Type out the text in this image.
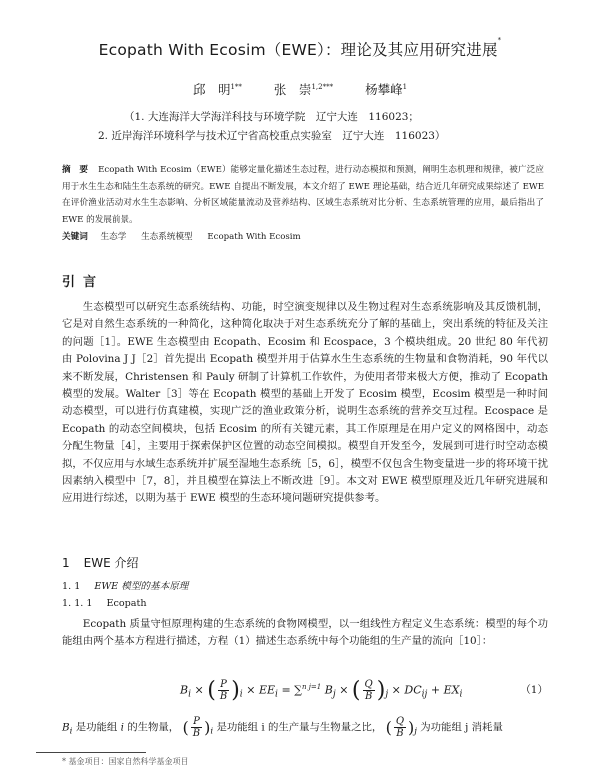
Ecopath With Ecosim（EWE）：理论及其应用研究进展*
邱　明$^{1**}$	张　崇$^{1,2***}$	杨攀峰$^1$
（1. 大连海洋大学海洋科技与环境学院　辽宁大连　116023；
2. 近岸海洋环境科学与技术辽宁省高校重点实验室　辽宁大连　116023）
摘　要 Ecopath With Ecosim（EWE）能够定量化描述生态过程，进行动态模拟和预测，阐明生态机理和规律，被广泛应用于水生生态和陆生生态系统的研究。EWE 自提出不断发展，本文介绍了 EWE 理论基础，结合近几年研究成果综述了 EWE 在评价渔业活动对水生生态影响、分析区域能量流动及营养结构、区域生态系统对比分析、生态系统管理的应用，最后指出了 EWE 的发展前景。
关键词 生态学 生态系统模型 Ecopath With Ecosim
引言
生态模型可以研究生态系统结构、功能，时空演变规律以及生物过程对生态系统影响及其反馈机制，它是对自然生态系统的一种简化，这种简化取决于对生态系统充分了解的基础上，突出系统的特征及关注的问题［1］。EWE 生态模型由 Ecopath、Ecosim 和 Ecospace，3 个模块组成。20 世纪 80 年代初由 Polovina J J［2］首先提出 Ecopath 模型并用于估算水生生态系统的生物量和食物消耗，90 年代以来不断发展，Christensen 和 Pauly 研制了计算机工作软件，为使用者带来极大方便，推动了 Ecopath 模型的发展。Walter［3］等在 Ecopath 模型的基础上开发了 Ecosim 模型，Ecosim 模型是一种时间动态模型，可以进行仿真建模，实现广泛的渔业政策分析，说明生态系统的营养交互过程。Ecospace 是 Ecopath 的动态空间模块，包括 Ecosim 的所有关键元素，其工作原理是在用户定义的网格图中，动态分配生物量［4］，主要用于探索保护区位置的动态空间模拟。模型自开发至今，发展到可进行时空动态模拟，不仅应用与水域生态系统并扩展至湿地生态系统［5，6］，模型不仅包含生物变量进一步的将环境干扰因素纳入模型中［7，8］，并且模型在算法上不断改进［9］。本文对 EWE 模型原理及近几年研究进展和应用进行综述，以期为基于 EWE 模型的生态环境问题研究提供参考。
1 EWE 介绍
1. 1 EWE 模型的基本原理
1. 1. 1 Ecopath
Ecopath 质量守恒原理构建的生态系统的食物网模型，以一组线性方程定义生态系统：模型的每个功能组由两个基本方程进行描述，方程（1）描述生态系统中每个功能组的生产量的流向［10］：
$B_i$ × ( $\frac{P}{B} )_i \times EE_i = \sum^{n j=1}$ $B_j$ × ( $\frac{Q}{B} )_j \times DC_{ij} + EX_i$	（1）
$B_i$ 是功能组 i 的生物量， ( $\frac{P}{B} )_i$ 是功能组 i 的生产量与生物量之比， ( $\frac{Q}{B} )_j$ 为功能组 j 消耗量
* 基金项目：国家自然科学基金项目
